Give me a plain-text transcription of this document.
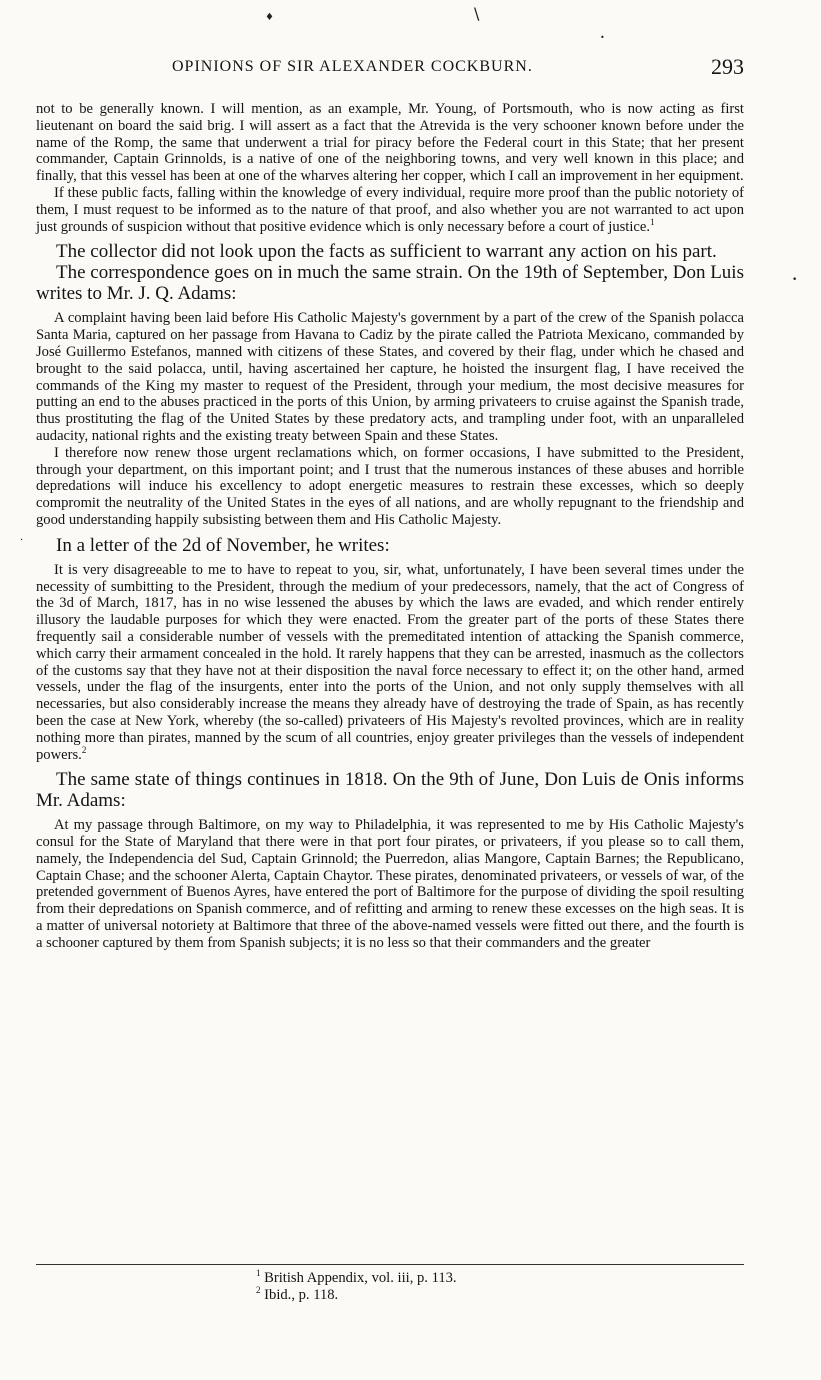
♦	\
•
•
·
OPINIONS OF SIR ALEXANDER COCKBURN.	293

not to be generally known. I will mention, as an example, Mr. Young, of Portsmouth, who is now acting as first lieutenant on board the said brig. I will assert as a fact that the Atrevida is the very schooner known before under the name of the Romp, the same that underwent a trial for piracy before the Federal court in this State; that her present commander, Captain Grinnolds, is a native of one of the neighboring towns, and very well known in this place; and finally, that this vessel has been at one of the wharves altering her copper, which I call an improvement in her equipment.

If these public facts, falling within the knowledge of every individual, require more proof than the public notoriety of them, I must request to be informed as to the nature of that proof, and also whether you are not warranted to act upon just grounds of suspicion without that positive evidence which is only necessary before a court of justice.$^1$

The collector did not look upon the facts as sufficient to warrant any action on his part.

The correspondence goes on in much the same strain. On the 19th of September, Don Luis writes to Mr. J. Q. Adams:

A complaint having been laid before His Catholic Majesty's government by a part of the crew of the Spanish polacca Santa Maria, captured on her passage from Havana to Cadiz by the pirate called the Patriota Mexicano, commanded by José Guillermo Estefanos, manned with citizens of these States, and covered by their flag, under which he chased and brought to the said polacca, until, having ascertained her capture, he hoisted the insurgent flag, I have received the commands of the King my master to request of the President, through your medium, the most decisive measures for putting an end to the abuses practiced in the ports of this Union, by arming privateers to cruise against the Spanish trade, thus prostituting the flag of the United States by these predatory acts, and trampling under foot, with an unparalleled audacity, national rights and the existing treaty between Spain and these States.

I therefore now renew those urgent reclamations which, on former occasions, I have submitted to the President, through your department, on this important point; and I trust that the numerous instances of these abuses and horrible depredations will induce his excellency to adopt energetic measures to restrain these excesses, which so deeply compromit the neutrality of the United States in the eyes of all nations, and are wholly repugnant to the friendship and good understanding happily subsisting between them and His Catholic Majesty.

In a letter of the 2d of November, he writes:

It is very disagreeable to me to have to repeat to you, sir, what, unfortunately, I have been several times under the necessity of sumbitting to the President, through the medium of your predecessors, namely, that the act of Congress of the 3d of March, 1817, has in no wise lessened the abuses by which the laws are evaded, and which render entirely illusory the laudable purposes for which they were enacted. From the greater part of the ports of these States there frequently sail a considerable number of vessels with the premeditated intention of attacking the Spanish commerce, which carry their armament concealed in the hold. It rarely happens that they can be arrested, inasmuch as the collectors of the customs say that they have not at their disposition the naval force necessary to effect it; on the other hand, armed vessels, under the flag of the insurgents, enter into the ports of the Union, and not only supply themselves with all necessaries, but also considerably increase the means they already have of destroying the trade of Spain, as has recently been the case at New York, whereby (the so-called) privateers of His Majesty's revolted provinces, which are in reality nothing more than pirates, manned by the scum of all countries, enjoy greater privileges than the vessels of independent powers.$^2$

The same state of things continues in 1818. On the 9th of June, Don Luis de Onis informs Mr. Adams:

At my passage through Baltimore, on my way to Philadelphia, it was represented to me by His Catholic Majesty's consul for the State of Maryland that there were in that port four pirates, or privateers, if you please so to call them, namely, the Independencia del Sud, Captain Grinnold; the Puerredon, alias Mangore, Captain Barnes; the Republicano, Captain Chase; and the schooner Alerta, Captain Chaytor. These pirates, denominated privateers, or vessels of war, of the pretended government of Buenos Ayres, have entered the port of Baltimore for the purpose of dividing the spoil resulting from their depredations on Spanish commerce, and of refitting and arming to renew these excesses on the high seas. It is a matter of universal notoriety at Baltimore that three of the above-named vessels were fitted out there, and the fourth is a schooner captured by them from Spanish subjects; it is no less so that their commanders and the greater

$^1$ British Appendix, vol. iii, p. 113.

$^2$ Ibid., p. 118.
